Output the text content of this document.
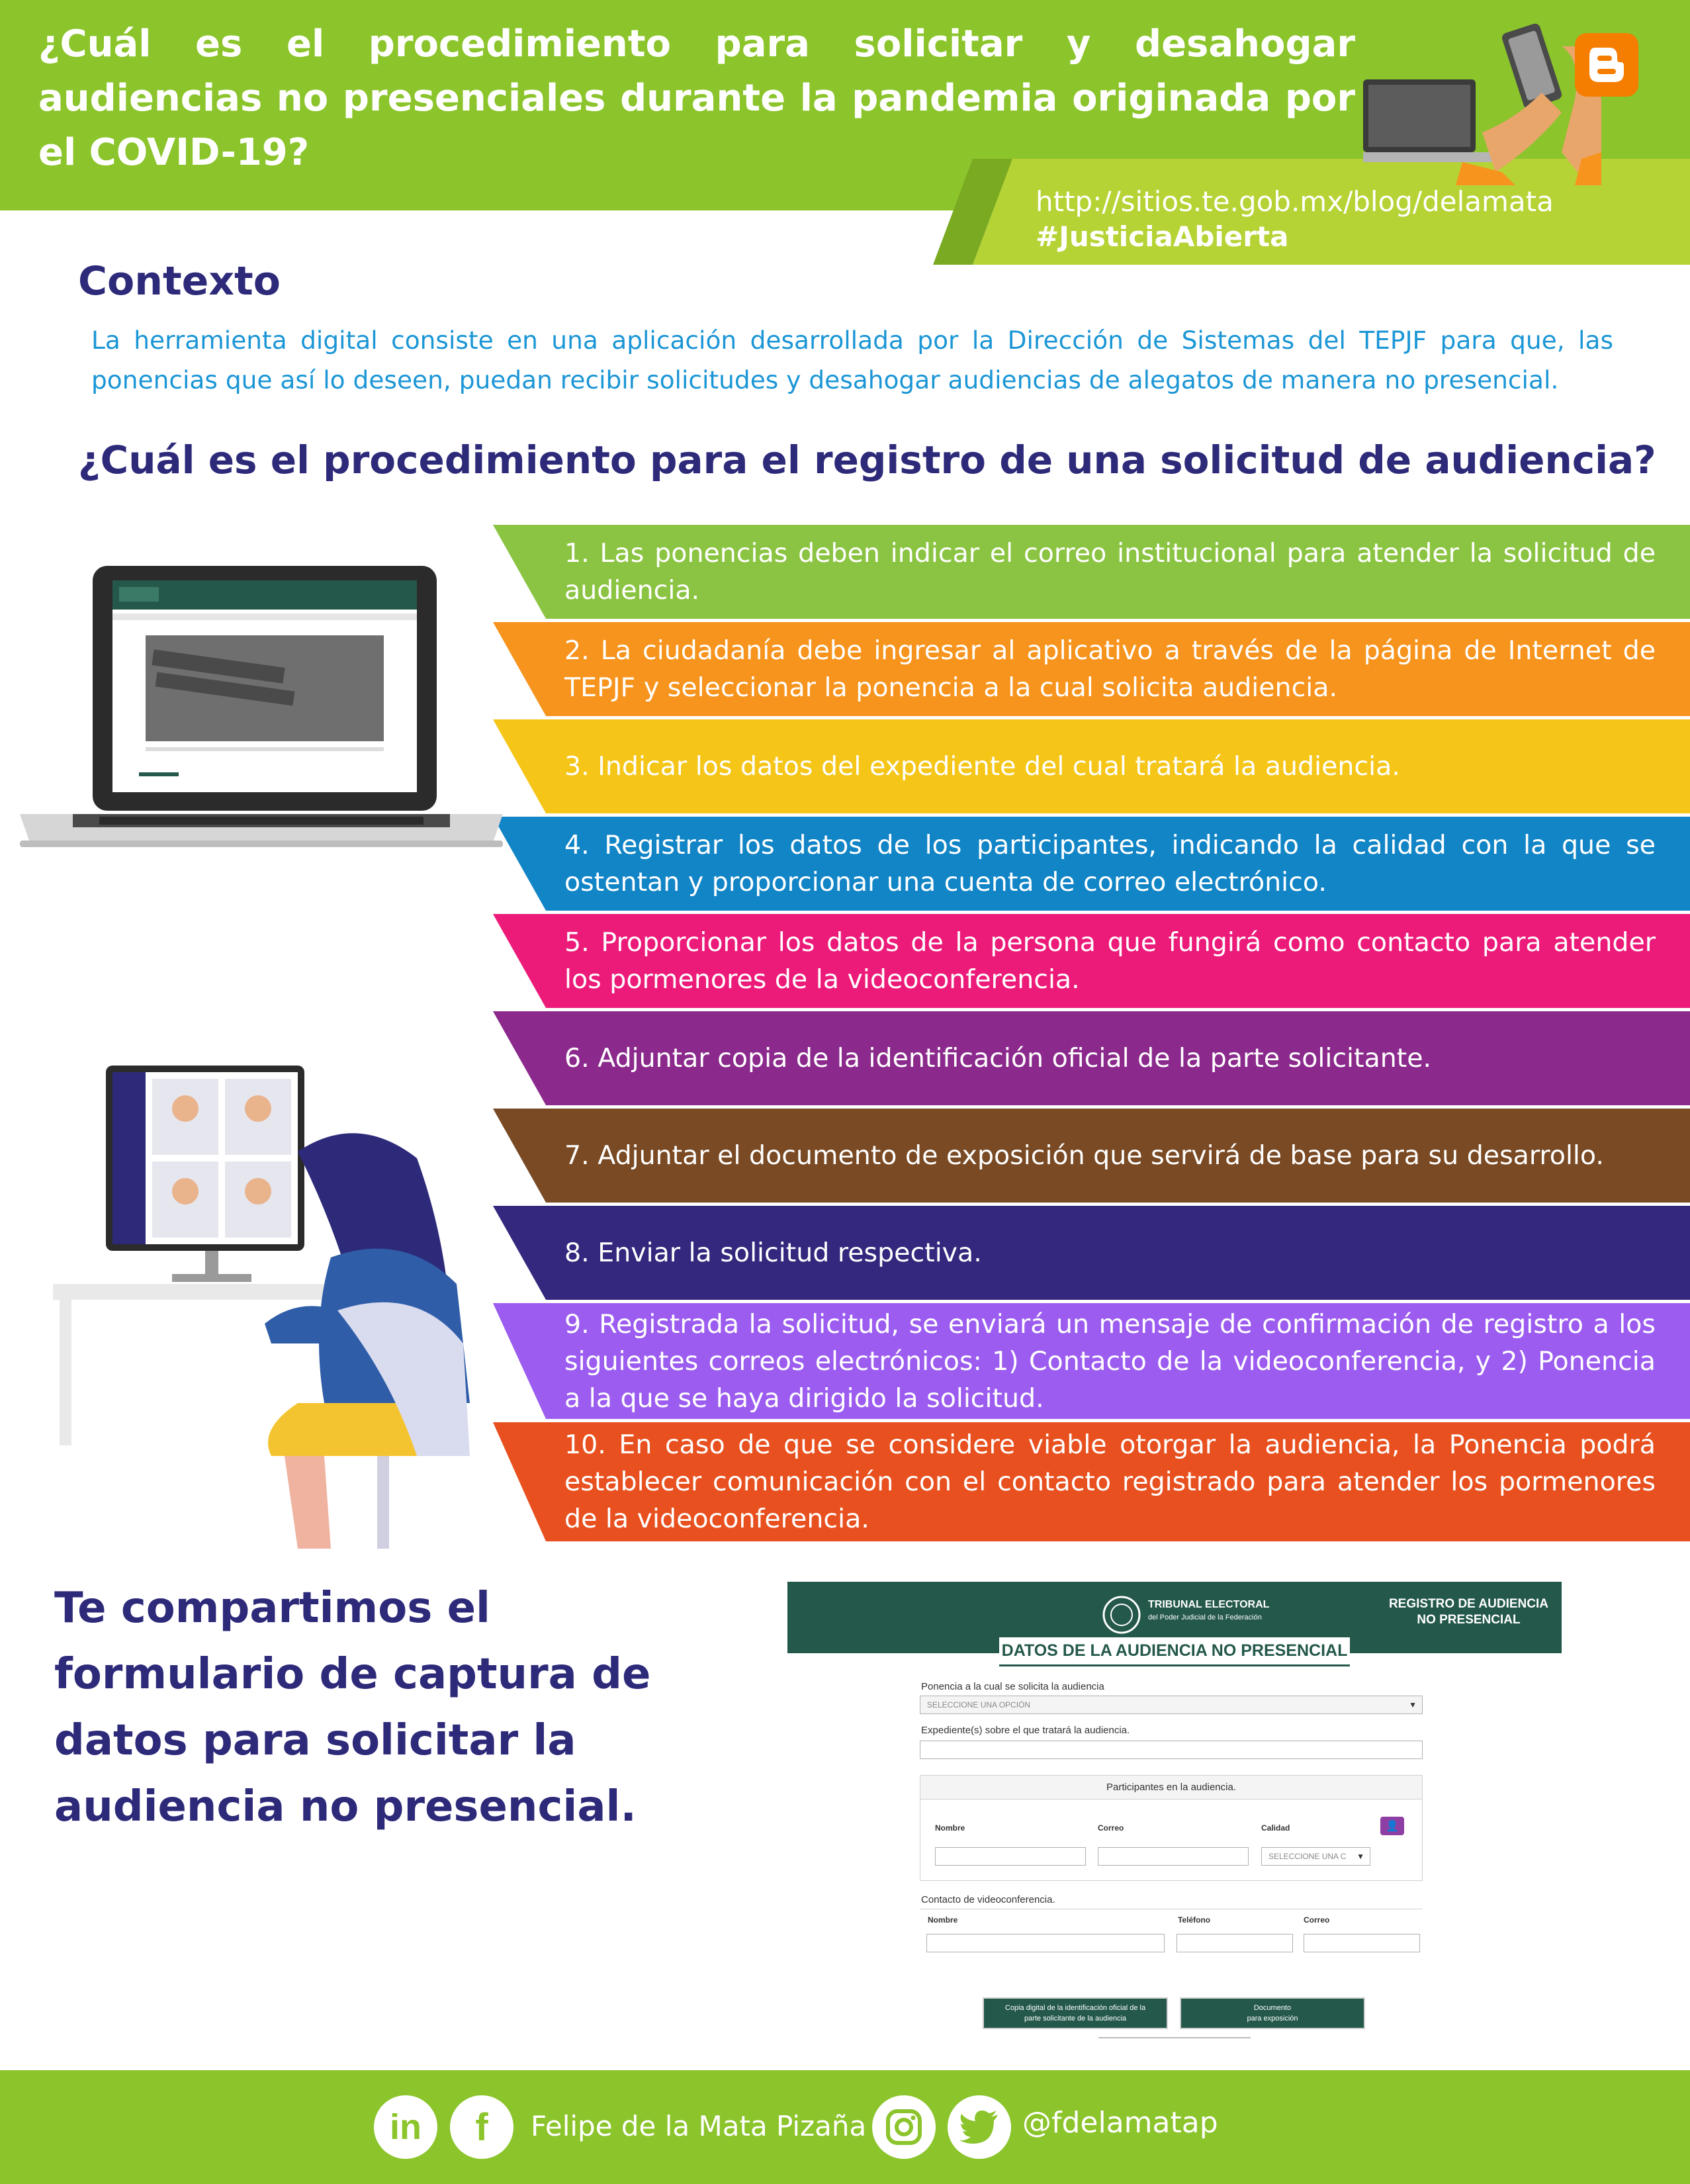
¿Cuál es el procedimiento para solicitar y desahogar audiencias no presenciales durante la pandemia originada por el COVID-19?
http://sitios.te.gob.mx/blog/delamata
#JusticiaAbierta
Contexto
La herramienta digital consiste en una aplicación desarrollada por la Dirección de Sistemas del TEPJF para que, las ponencias que así lo deseen, puedan recibir solicitudes y desahogar audiencias de alegatos de manera no presencial.
¿Cuál es el procedimiento para el registro de una solicitud de audiencia?
1. Las ponencias deben indicar el correo institucional para atender la solicitud de audiencia.
2. La ciudadanía debe ingresar al aplicativo a través de la página de Internet de TEPJF y seleccionar la ponencia a la cual solicita audiencia.
3. Indicar los datos del expediente del cual tratará la audiencia.
4. Registrar los datos de los participantes, indicando la calidad con la que se ostentan y proporcionar una cuenta de correo electrónico.
5. Proporcionar los datos de la persona que fungirá como contacto para atender los pormenores de la videoconferencia.
6. Adjuntar copia de la identificación oficial de la parte solicitante.
7. Adjuntar el documento de exposición que servirá de base para su desarrollo.
8. Enviar la solicitud respectiva.
9. Registrada la solicitud, se enviará un mensaje de confirmación de registro a los siguientes correos electrónicos: 1) Contacto de la videoconferencia, y 2) Ponencia a la que se haya dirigido la solicitud.
10. En caso de que se considere viable otorgar la audiencia, la Ponencia podrá establecer comunicación con el contacto registrado para atender los pormenores de la videoconferencia.
Te compartimos el formulario de captura de datos para solicitar la audiencia no presencial.
TRIBUNAL ELECTORAL
del Poder Judicial de la Federación
REGISTRO DE AUDIENCIA
NO PRESENCIAL
DATOS DE LA AUDIENCIA NO PRESENCIAL
Ponencia a la cual se solicita la audiencia
SELECCIONE UNA OPCIÓN	▼
Expediente(s) sobre el que tratará la audiencia.
Participantes en la audiencia.
Nombre	Correo	Calidad	👤
SELECCIONE UNA C ▼
Contacto de videoconferencia.
Nombre	Teléfono	Correo
Copia digital de la identificación oficial de la
parte solicitante de la audiencia
Documento
para exposición
in f Felipe de la Mata Pizaña	@fdelamatap
